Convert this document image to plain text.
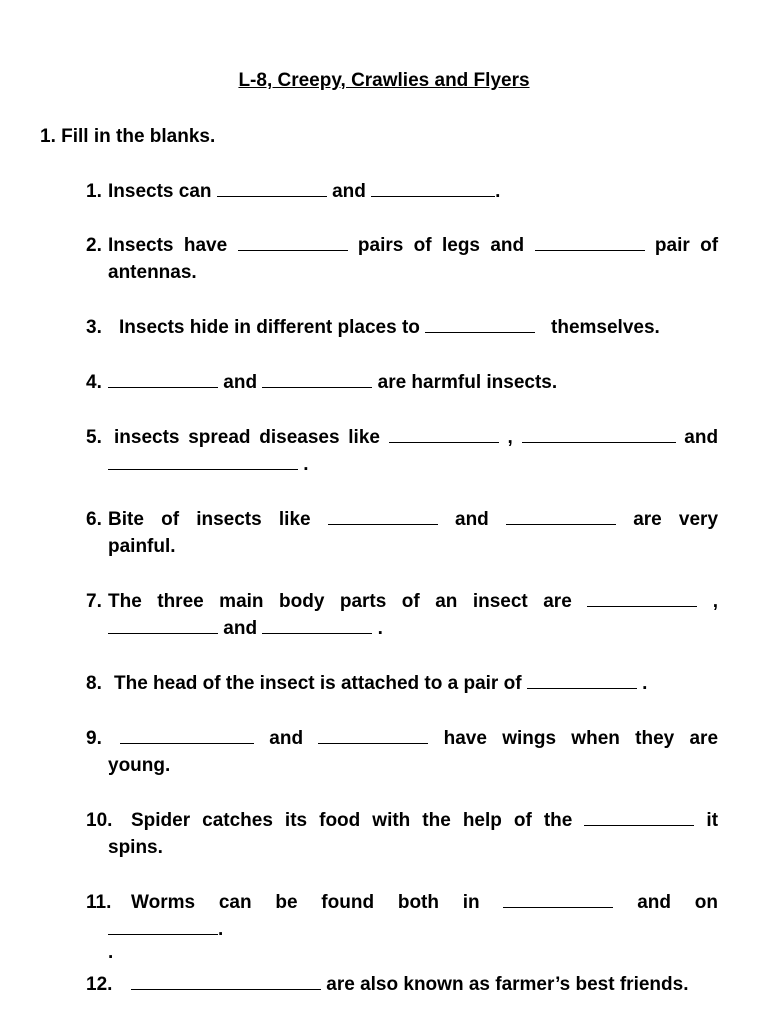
L-8, Creepy, Crawlies and Flyers
1. Fill in the blanks.
1. Insects can	and	.
2. Insects have	pairs of legs and	pair of
antennas.
3. Insects hide in different places to	themselves.
4.	and	are harmful insects.
5. insects spread diseases like	,	and
.
6. Bite of insects like	and	are very
painful.
7. The three main body parts of an insect are	,
and	.
8. The head of the insect is attached to a pair of	.
9.	and	have wings when they are
young.
10. Spider catches its food with the help of the	it
spins.
11. Worms can be found both in	and on
.
.
12.	are also known as farmer’s best friends.
